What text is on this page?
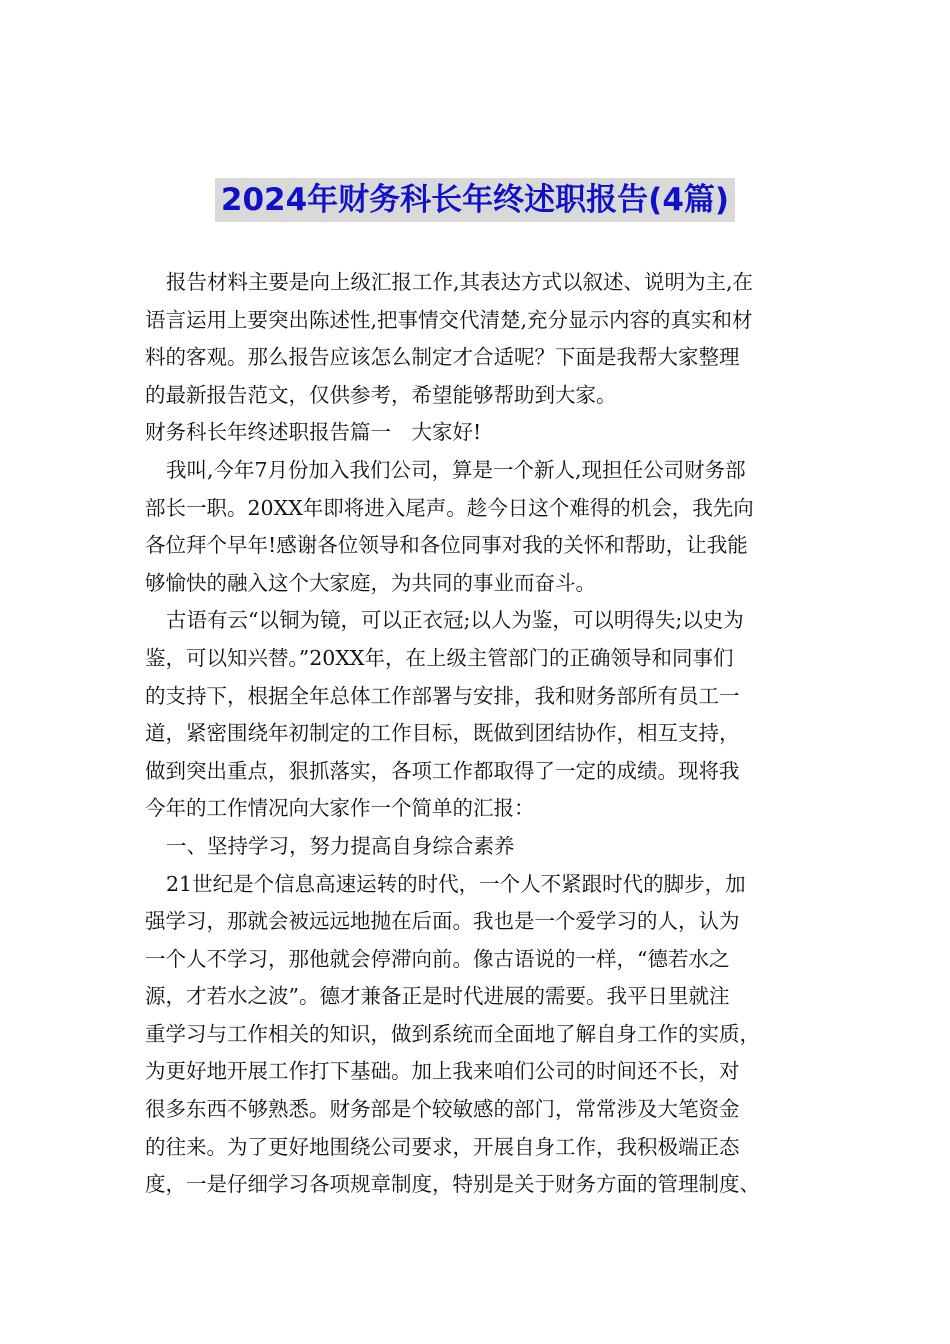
2024年财务科长年终述职报告(4篇)
报告材料主要是向上级汇报工作,其表达方式以叙述、说明为主,在
语言运用上要突出陈述性,把事情交代清楚,充分显示内容的真实和材
料的客观。那么报告应该怎么制定才合适呢？下面是我帮大家整理
的最新报告范文，仅供参考，希望能够帮助到大家。
财务科长年终述职报告篇一　大家好!
我叫,今年7月份加入我们公司，算是一个新人,现担任公司财务部
部长一职。20XX年即将进入尾声。趁今日这个难得的机会，我先向
各位拜个早年!感谢各位领导和各位同事对我的关怀和帮助，让我能
够愉快的融入这个大家庭，为共同的事业而奋斗。
古语有云“以铜为镜，可以正衣冠;以人为鉴，可以明得失;以史为
鉴，可以知兴替。”20XX年，在上级主管部门的正确领导和同事们
的支持下，根据全年总体工作部署与安排，我和财务部所有员工一
道，紧密围绕年初制定的工作目标，既做到团结协作，相互支持，
做到突出重点，狠抓落实，各项工作都取得了一定的成绩。现将我
今年的工作情况向大家作一个简单的汇报：
一、坚持学习，努力提高自身综合素养
21世纪是个信息高速运转的时代，一个人不紧跟时代的脚步，加
强学习，那就会被远远地抛在后面。我也是一个爱学习的人，认为
一个人不学习，那他就会停滞向前。像古语说的一样，“德若水之
源，才若水之波”。德才兼备正是时代进展的需要。我平日里就注
重学习与工作相关的知识，做到系统而全面地了解自身工作的实质，
为更好地开展工作打下基础。加上我来咱们公司的时间还不长，对
很多东西不够熟悉。财务部是个较敏感的部门，常常涉及大笔资金
的往来。为了更好地围绕公司要求，开展自身工作，我积极端正态
度，一是仔细学习各项规章制度，特别是关于财务方面的管理制度、
